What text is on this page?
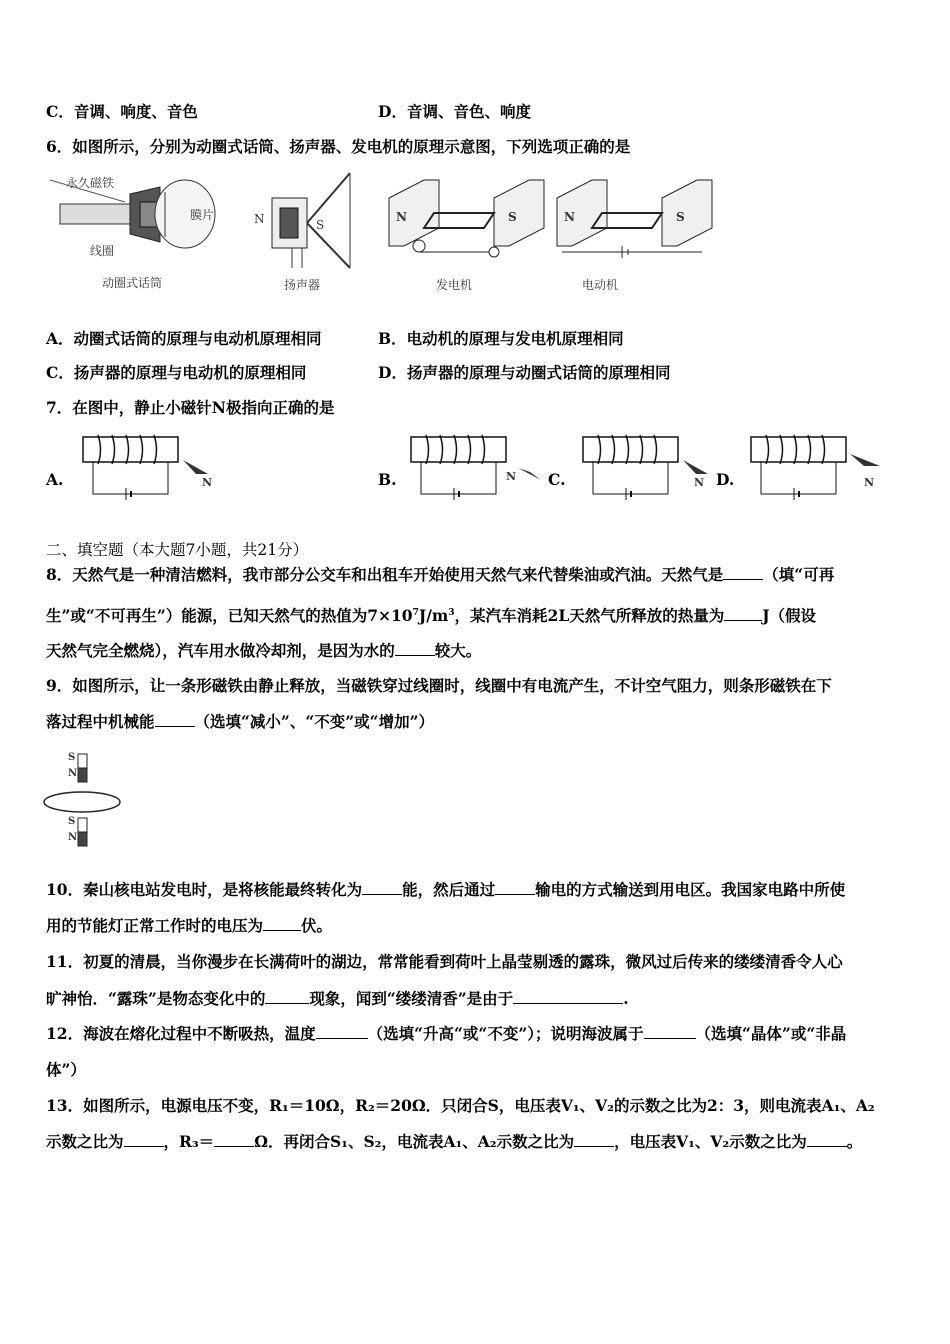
C．音调、响度、音色	D．音调、音色、响度
6．如图所示，分别为动圈式话筒、扬声器、发电机的原理示意图，下列选项正确的是
永久磁铁
膜片
线圈
动圈式话筒
N	S
扬声器
N	S
发电机
N	S
电动机
A．动圈式话筒的原理与电动机原理相同	B．电动机的原理与发电机原理相同
C．扬声器的原理与电动机的原理相同	D．扬声器的原理与动圈式话筒的原理相同
7．在图中，静止小磁针N极指向正确的是
A.	N	B.	N C.	N D.	N
二、填空题（本大题7小题，共21分）
8．天然气是一种清洁燃料，我市部分公交车和出租车开始使用天然气来代替柴油或汽油。天然气是	（填“可再
生”或“不可再生”）能源，已知天然气的热值为$7\times 10^7J/m^3$，某汽车消耗2L天然气所释放的热量为 J（假设
天然气完全燃烧），汽车用水做冷却剂，是因为水的	较大。
9．如图所示，让一条形磁铁由静止释放，当磁铁穿过线圈时，线圈中有电流产生，不计空气阻力，则条形磁铁在下
落过程中机械能	（选填“减小”、“不变”或“增加”）
S
N
S
N
10．秦山核电站发电时，是将核能最终转化为	能，然后通过	输电的方式输送到用电区。我国家电路中所使
用的节能灯正常工作时的电压为 伏。
11．初夏的清晨，当你漫步在长满荷叶的湖边，常常能看到荷叶上晶莹剔透的露珠，微风过后传来的缕缕清香令人心
旷神怡．“露珠”是物态变化中的	现象，闻到“缕缕清香”是由于	.
12．海波在熔化过程中不断吸热，温度	（选填“升高“或“不变”）；说明海波属于	（选填“晶体”或“非晶
体”）
13．如图所示，电源电压不变，R₁＝10Ω，R₂＝20Ω．只闭合S，电压表V₁、V₂的示数之比为2：3，则电流表A₁、A₂
示数之比为	，R₃＝	Ω．再闭合S₁、S₂，电流表A₁、A₂示数之比为	，电压表V₁、V₂示数之比为	。
